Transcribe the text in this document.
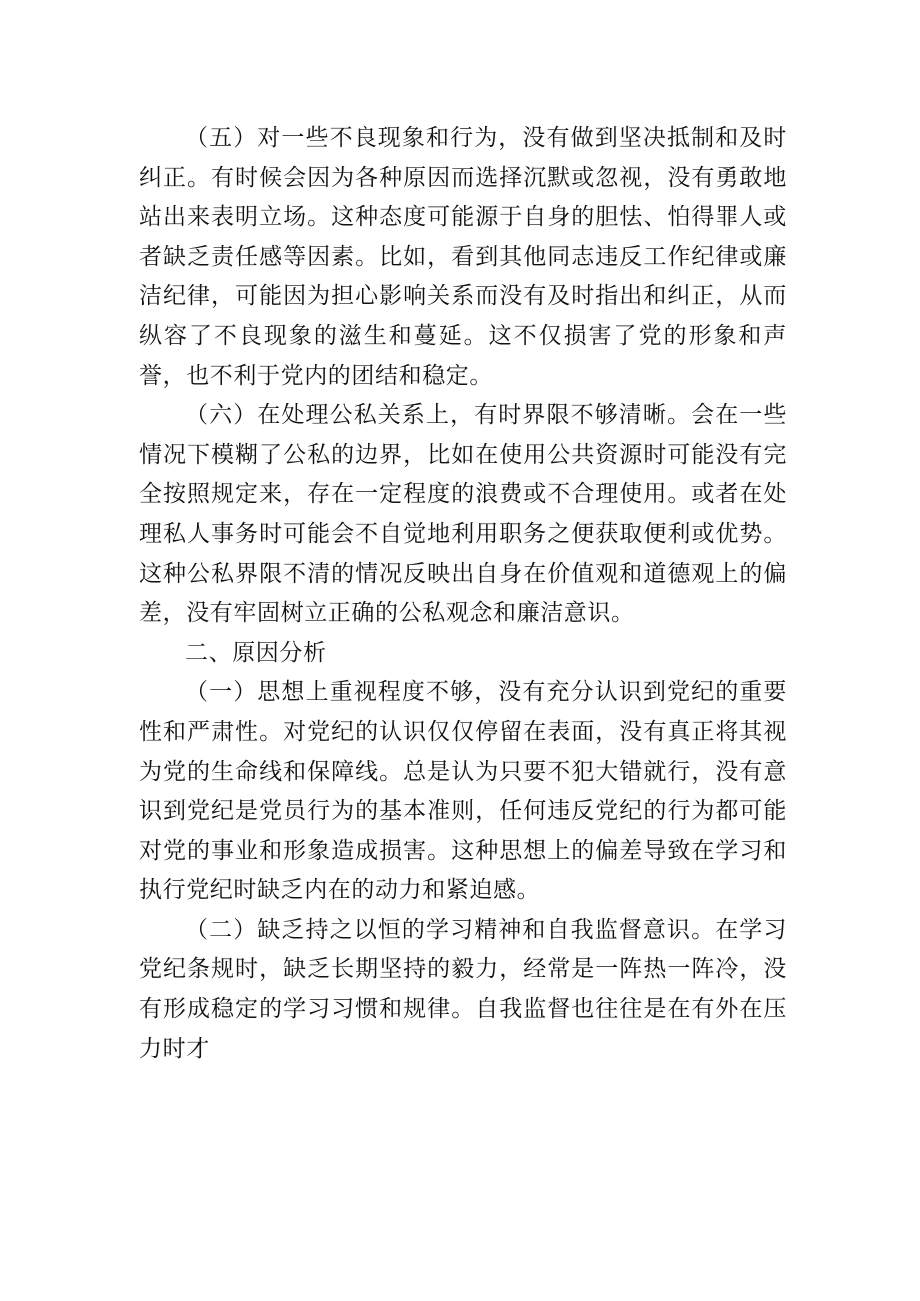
（五）对一些不良现象和行为，没有做到坚决抵制和及时纠正。有时候会因为各种原因而选择沉默或忽视，没有勇敢地站出来表明立场。这种态度可能源于自身的胆怯、怕得罪人或者缺乏责任感等因素。比如，看到其他同志违反工作纪律或廉洁纪律，可能因为担心影响关系而没有及时指出和纠正，从而纵容了不良现象的滋生和蔓延。这不仅损害了党的形象和声誉，也不利于党内的团结和稳定。

（六）在处理公私关系上，有时界限不够清晰。会在一些情况下模糊了公私的边界，比如在使用公共资源时可能没有完全按照规定来，存在一定程度的浪费或不合理使用。或者在处理私人事务时可能会不自觉地利用职务之便获取便利或优势。这种公私界限不清的情况反映出自身在价值观和道德观上的偏差，没有牢固树立正确的公私观念和廉洁意识。

二、原因分析

（一）思想上重视程度不够，没有充分认识到党纪的重要性和严肃性。对党纪的认识仅仅停留在表面，没有真正将其视为党的生命线和保障线。总是认为只要不犯大错就行，没有意识到党纪是党员行为的基本准则，任何违反党纪的行为都可能对党的事业和形象造成损害。这种思想上的偏差导致在学习和执行党纪时缺乏内在的动力和紧迫感。

（二）缺乏持之以恒的学习精神和自我监督意识。在学习党纪条规时，缺乏长期坚持的毅力，经常是一阵热一阵冷，没有形成稳定的学习习惯和规律。自我监督也往往是在有外在压力时才
